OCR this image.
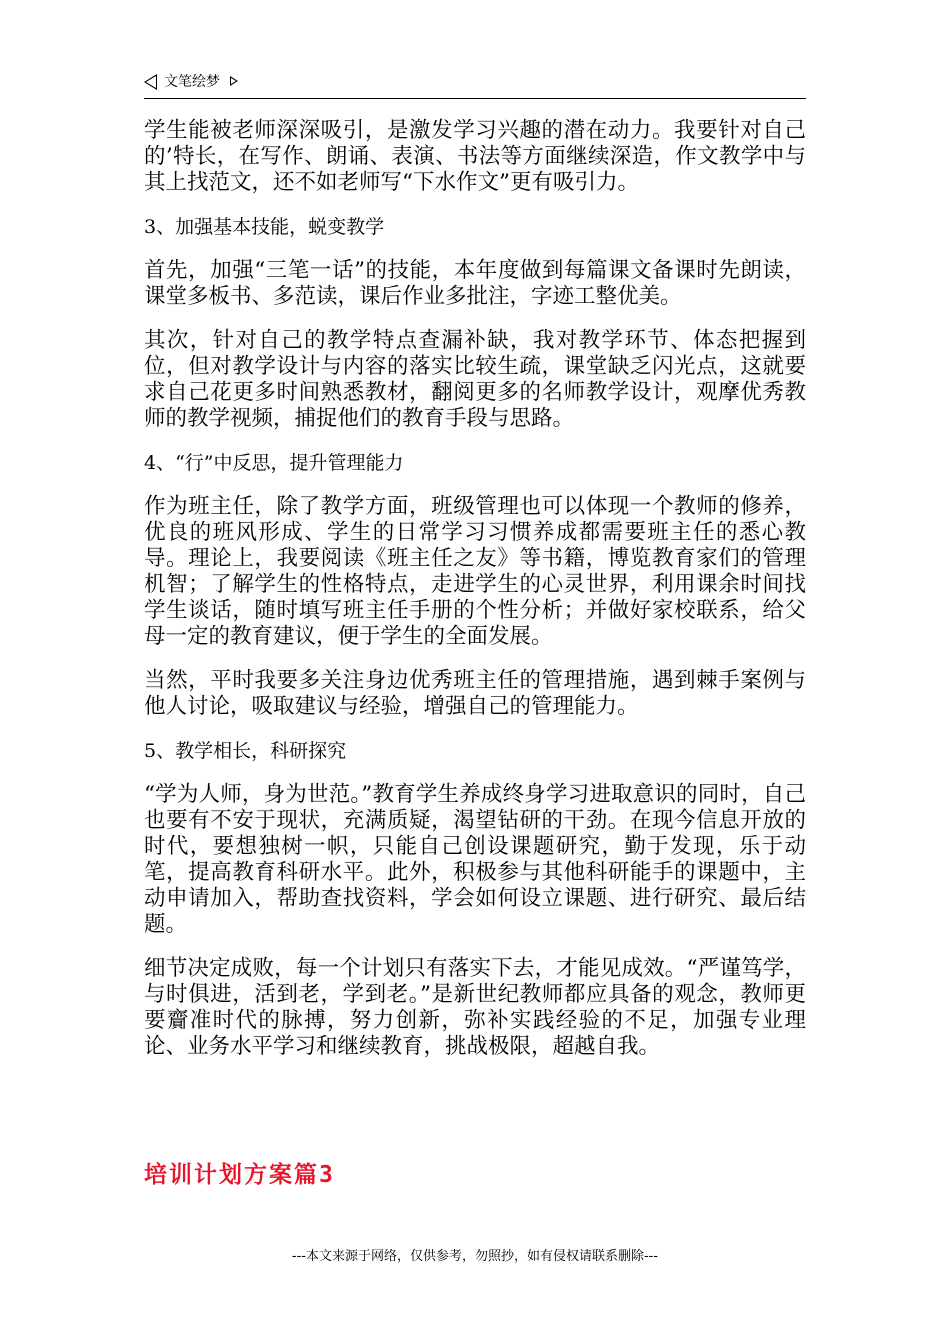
文笔绘梦

学生能被老师深深吸引，是激发学习兴趣的潜在动力。我要针对自己的’特长，在写作、朗诵、表演、书法等方面继续深造，作文教学中与其上找范文，还不如老师写“下水作文”更有吸引力。

3、加强基本技能，蜕变教学

首先，加强“三笔一话”的技能，本年度做到每篇课文备课时先朗读，课堂多板书、多范读，课后作业多批注，字迹工整优美。

其次，针对自己的教学特点查漏补缺，我对教学环节、体态把握到位，但对教学设计与内容的落实比较生疏，课堂缺乏闪光点，这就要求自己花更多时间熟悉教材，翻阅更多的名师教学设计，观摩优秀教师的教学视频，捕捉他们的教育手段与思路。

4、“行”中反思，提升管理能力

作为班主任，除了教学方面，班级管理也可以体现一个教师的修养，优良的班风形成、学生的日常学习习惯养成都需要班主任的悉心教导。理论上，我要阅读《班主任之友》等书籍，博览教育家们的管理机智；了解学生的性格特点，走进学生的心灵世界，利用课余时间找学生谈话，随时填写班主任手册的个性分析；并做好家校联系，给父母一定的教育建议，便于学生的全面发展。

当然，平时我要多关注身边优秀班主任的管理措施，遇到棘手案例与他人讨论，吸取建议与经验，增强自己的管理能力。

5、教学相长，科研探究

“学为人师，身为世范。”教育学生养成终身学习进取意识的同时，自己也要有不安于现状，充满质疑，渴望钻研的干劲。在现今信息开放的时代，要想独树一帜，只能自己创设课题研究，勤于发现，乐于动笔，提高教育科研水平。此外，积极参与其他科研能手的课题中，主动申请加入，帮助查找资料，学会如何设立课题、进行研究、最后结题。

细节决定成败，每一个计划只有落实下去，才能见成效。“严谨笃学，与时俱进，活到老，学到老。”是新世纪教师都应具备的观念，教师更要齎准时代的脉搏，努力创新，弥补实践经验的不足，加强专业理论、业务水平学习和继续教育，挑战极限，超越自我。

培训计划方案篇3
---本文来源于网络，仅供参考，勿照抄，如有侵权请联系删除---
